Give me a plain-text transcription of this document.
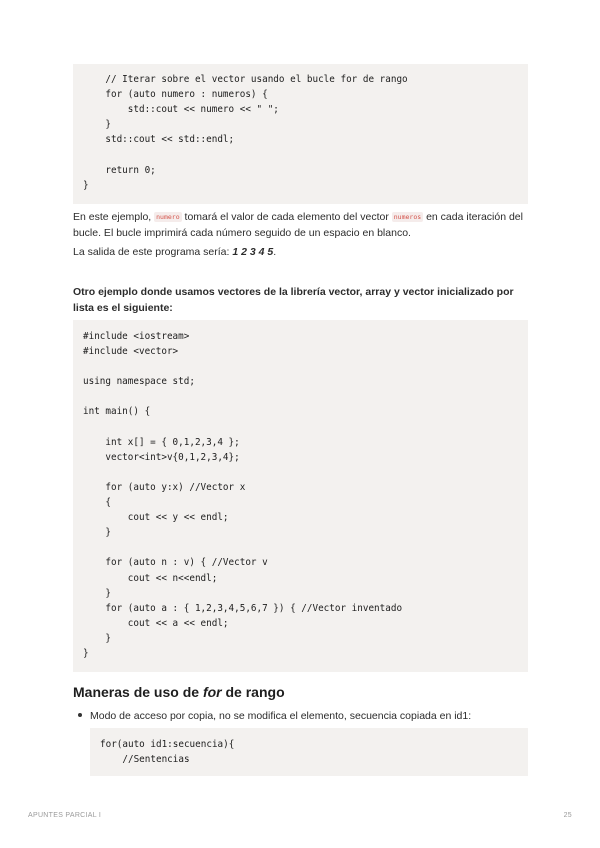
// Iterar sobre el vector usando el bucle for de rango
for (auto numero : numeros) {
std::cout << numero << " ";
}
std::cout << std::endl;
return 0;
}
En este ejemplo, numero tomará el valor de cada elemento del vector numeros en cada iteración del bucle. El bucle imprimirá cada número seguido de un espacio en blanco.
La salida de este programa sería: 1 2 3 4 5.
Otro ejemplo donde usamos vectores de la librería vector, array y vector inicializado por lista es el siguiente:
#include <iostream>
#include <vector>
using namespace std;
int main() {
int x[] = { 0,1,2,3,4 };
vector<int>v{0,1,2,3,4};
for (auto y:x) //Vector x
{
cout << y << endl;
}
for (auto n : v) { //Vector v
cout << n<<endl;
}
for (auto a : { 1,2,3,4,5,6,7 }) { //Vector inventado
cout << a << endl;
}
}
Maneras de uso de for de rango
Modo de acceso por copia, no se modifica el elemento, secuencia copiada en id1:
for(auto id1:secuencia){
//Sentencias
APUNTES PARCIAL I	25
